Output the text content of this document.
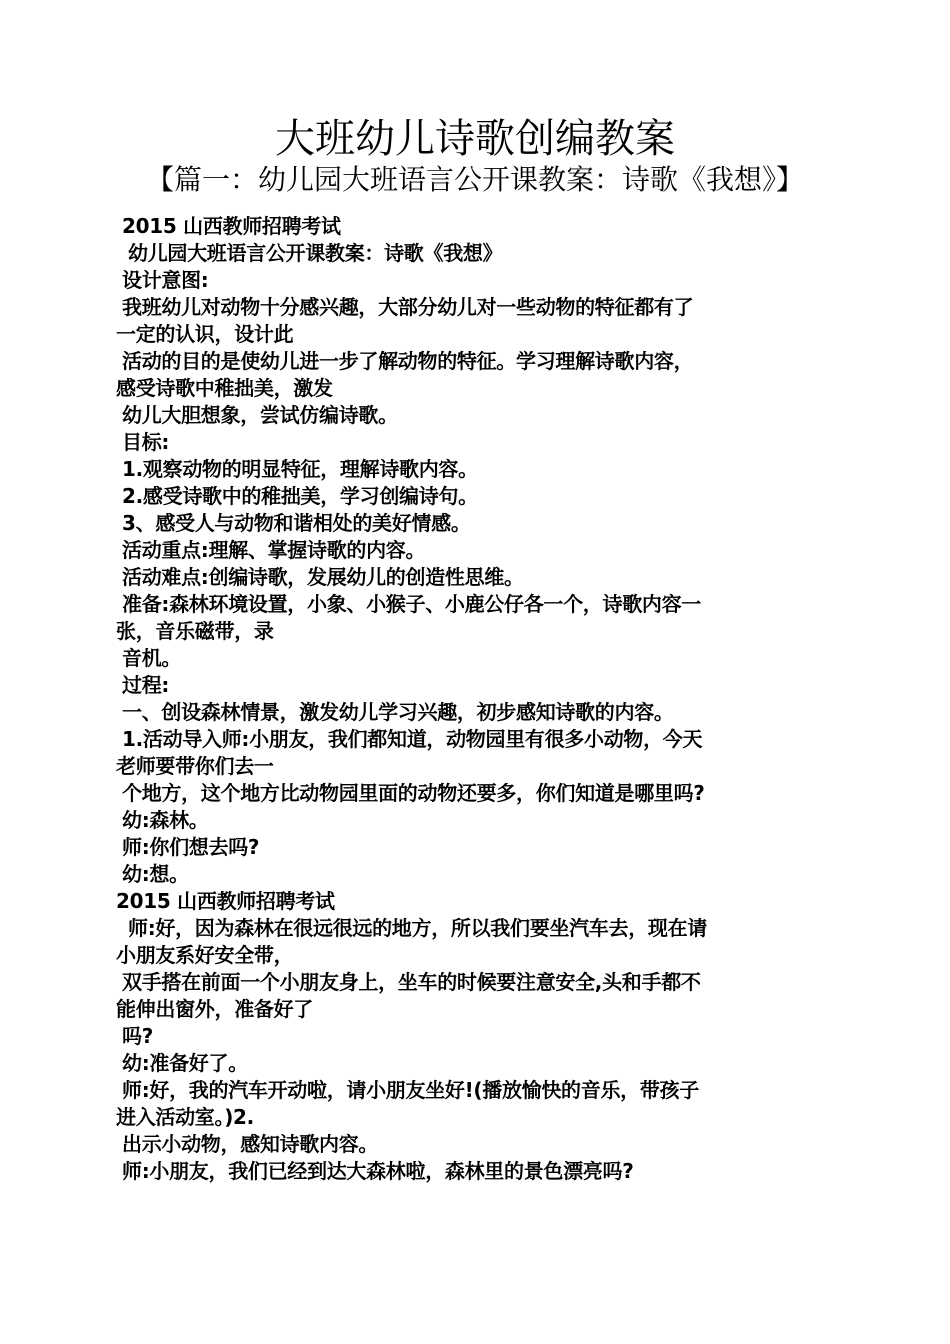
大班幼儿诗歌创编教案
【篇一：幼儿园大班语言公开课教案：诗歌《我想》】
2015 山西教师招聘考试
幼儿园大班语言公开课教案：诗歌《我想》
设计意图:
我班幼儿对动物十分感兴趣，大部分幼儿对一些动物的特征都有了
一定的认识，设计此
活动的目的是使幼儿进一步了解动物的特征。学习理解诗歌内容，
感受诗歌中稚拙美，激发
幼儿大胆想象，尝试仿编诗歌。
目标:
1.观察动物的明显特征，理解诗歌内容。
2.感受诗歌中的稚拙美，学习创编诗句。
3、感受人与动物和谐相处的美好情感。
活动重点:理解、掌握诗歌的内容。
活动难点:创编诗歌，发展幼儿的创造性思维。
准备:森林环境设置，小象、小猴子、小鹿公仔各一个，诗歌内容一
张，音乐磁带，录
音机。
过程:
一、创设森林情景，激发幼儿学习兴趣，初步感知诗歌的内容。
1.活动导入师:小朋友，我们都知道，动物园里有很多小动物，今天
老师要带你们去一
个地方，这个地方比动物园里面的动物还要多，你们知道是哪里吗?
幼:森林。
师:你们想去吗?
幼:想。
2015 山西教师招聘考试
师:好，因为森林在很远很远的地方，所以我们要坐汽车去，现在请
小朋友系好安全带，
双手搭在前面一个小朋友身上，坐车的时候要注意安全,头和手都不
能伸出窗外，准备好了
吗?
幼:准备好了。
师:好，我的汽车开动啦，请小朋友坐好!(播放愉快的音乐，带孩子
进入活动室。)2.
出示小动物，感知诗歌内容。
师:小朋友，我们已经到达大森林啦，森林里的景色漂亮吗?
